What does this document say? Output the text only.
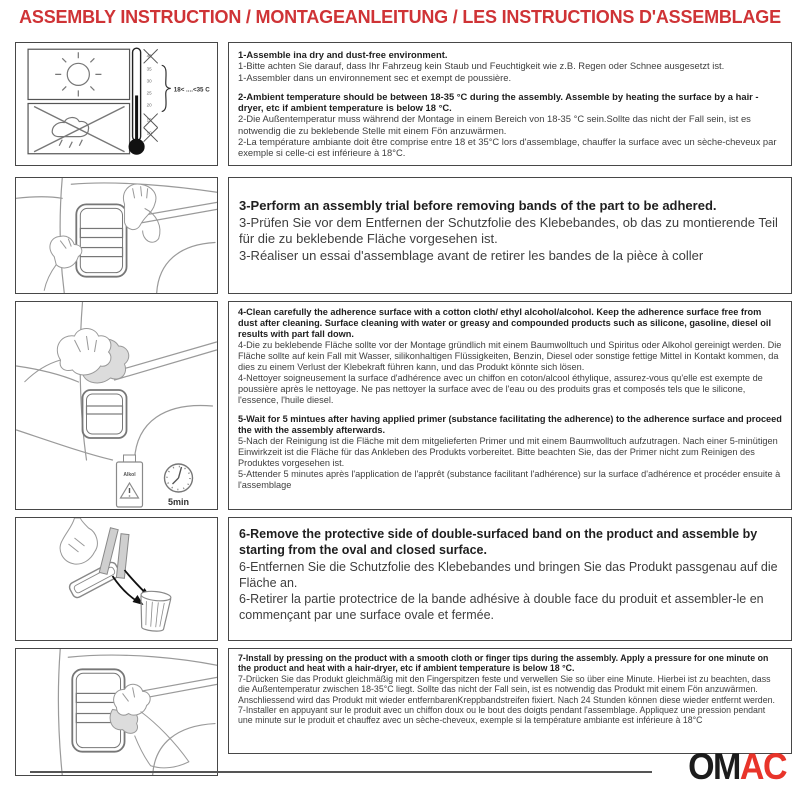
ASSEMBLY INSTRUCTION / MONTAGEANLEITUNG / LES INSTRUCTIONS D'ASSEMBLAGE
40
35
30
25
20
15
10
18< ....<35 C

1-Assemble ina dry and dust-free environment.

1-Bitte achten Sie darauf, dass Ihr Fahrzeug kein Staub und Feuchtigkeit wie z.B. Regen oder Schnee ausgesetzt ist.

1-Assembler dans un environnement sec et exempt de poussière.

2-Ambient temperature should be between 18-35 °C during the assembly. Assemble by heating the surface by a hair -dryer, etc if ambient temperature is below 18 °C.

2-Die Außentemperatur muss während der Montage in einem Bereich von 18-35 °C sein.Sollte das nicht der Fall sein, ist es notwendig die zu beklebende Stelle mit einem Fön anzuwärmen.

2-La température ambiante doit être comprise entre 18 et 35°C lors d'assemblage, chauffer la surface avec un sèche-cheveux par exemple si celle-ci est inférieure à 18°C.

3-Perform an assembly trial before removing bands of the part to be adhered.

3-Prüfen Sie vor dem Entfernen der Schutzfolie des Klebebandes, ob das zu montierende Teil für die zu beklebende Fläche vorgesehen ist.

3-Réaliser un essai d'assemblage avant de retirer les bandes de la pièce à coller

Alkol
5min

4-Clean carefully the adherence surface with a cotton cloth/ ethyl alcohol/alcohol. Keep the adherence surface free from dust after cleaning. Surface cleaning with water or greasy and compounded products such as silicone, gasoline, diesel oil results with part fall down.

4-Die zu beklebende Fläche sollte vor der Montage gründlich mit einem Baumwolltuch und Spiritus oder Alkohol gereinigt werden. Die Fläche sollte auf kein Fall mit Wasser, silikonhaltigen Flüssigkeiten, Benzin, Diesel oder sonstige fettige Mittel in Kontakt kommen, da dies zu einem Verlust der Klebekraft führen kann, und das Produkt könnte sich lösen.

4-Nettoyer soigneusement la surface d'adhérence avec un chiffon en coton/alcool éthylique, assurez-vous qu'elle est exempte de poussière après le nettoyage. Ne pas nettoyer la surface avec de l'eau ou des produits gras et composés tels que le silicone, l'essence, l'huile diesel.

5-Wait for 5 mintues after having applied primer (substance facilitating the adherence) to the adherence surface and proceed the with the assembly afterwards.

5-Nach der Reinigung ist die Fläche mit dem mitgelieferten Primer und mit einem Baumwolltuch aufzutragen. Nach einer 5-minütigen Einwirkzeit ist die Fläche für das Ankleben des Produkts vorbereitet. Bitte beachten Sie, das der Primer nicht zum Reinigen des Produktes vorgesehen ist.

5-Attender 5 minutes après l'application de l'apprêt (substance facilitant l'adhérence) sur la surface d'adhérence et procéder ensuite à l'assemblage

6-Remove the protective side of double-surfaced band on the product and assemble by starting from the oval and closed surface.

6-Entfernen Sie die Schutzfolie des Klebebandes und bringen Sie das Produkt passgenau auf die Fläche an.

6-Retirer la partie protectrice de la bande adhésive à double face du produit et assembler-le en commençant par une surface ovale et fermée.

7-Install by pressing on the product with a smooth cloth or finger tips during the assembly. Apply a pressure for one minute on the product and heat with a hair-dryer, etc if ambient temperature is below 18 °C.

7-Drücken Sie das Produkt gleichmäßig mit den Fingerspitzen feste und verwellen Sie so über eine Minute. Hierbei ist zu beachten, dass die Außentemperatur zwischen 18-35°C liegt. Sollte das nicht der Fall sein, ist es notwendig das Produkt mit einem Fön anzuwärmen. Anschliessend wird das Produkt mit wieder entfernbarenKreppbandstreifen fixiert. Nach 24 Stunden können diese wieder entfernt werden.

7-Installer en appuyant sur le produit avec un chiffon doux ou le bout des doigts pendant l'assemblage. Appliquez une pression pendant une minute sur le produit et chauffez avec un sèche-cheveux, exemple si la température ambiante est inférieure à 18°C

OMAC
